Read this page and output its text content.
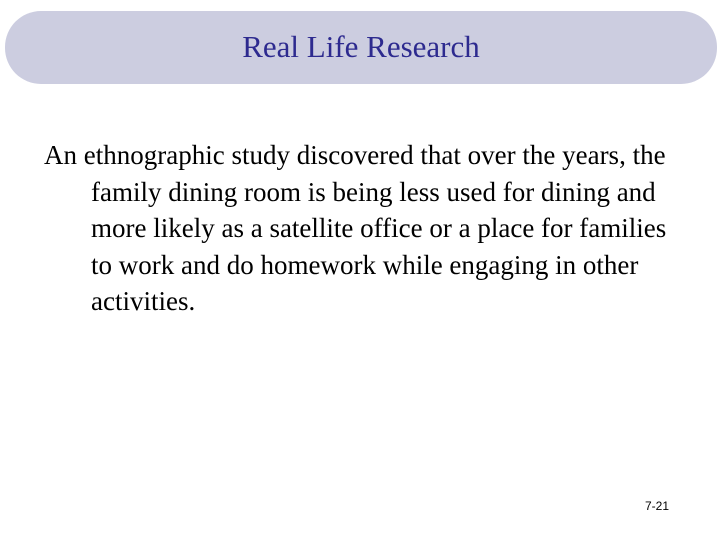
Real Life Research
An ethnographic study discovered that over the years, the family dining room is being less used for dining and more likely as a satellite office or a place for families to work and do homework while engaging in other activities.
7-21
